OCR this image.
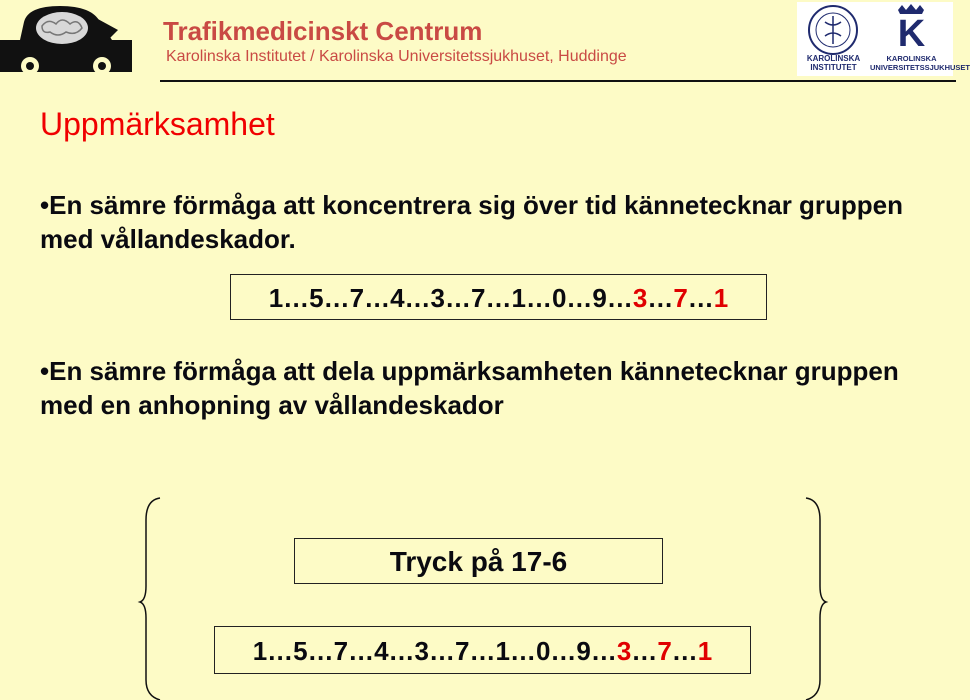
Trafikmedicinskt Centrum
Karolinska Institutet / Karolinska Universitetssjukhuset, Huddinge	KAROLINSKA INSTITUTET
K
KAROLINSKA UNIVERSITETSSJUKHUSET
Uppmärksamhet
•En sämre förmåga att koncentrera sig över tid kännetecknar gruppen med vållandeskador.
1…5…7…4…3…7…1…0…9…3…7…1
•En sämre förmåga att dela uppmärksamheten kännetecknar gruppen med en anhopning av vållandeskador
Tryck på 17-6
1…5…7…4…3…7…1…0…9…3…7…1
